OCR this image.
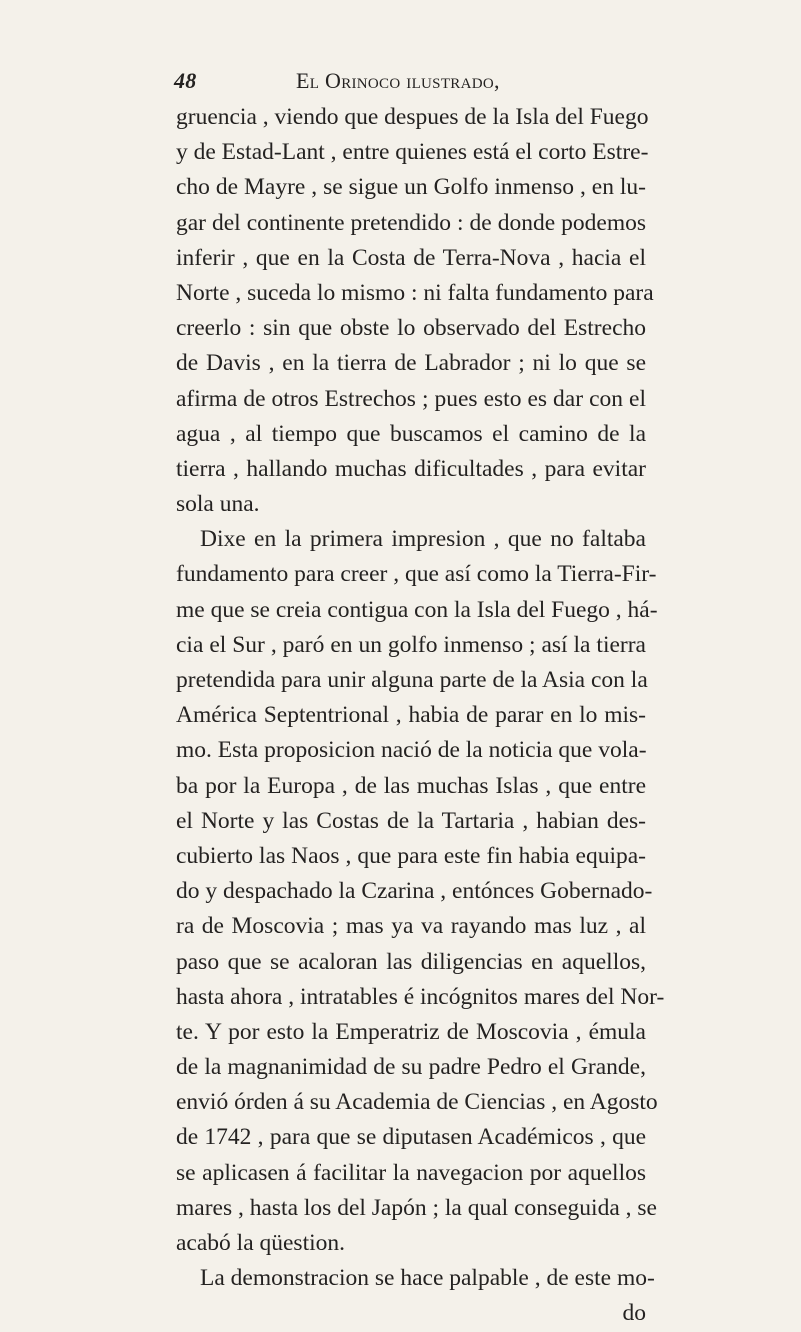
48	El Orinoco ilustrado,
gruencia , viendo que despues de la Isla del Fuego
y de Estad-Lant , entre quienes está el corto Estre-
cho de Mayre , se sigue un Golfo inmenso , en lu-
gar del continente pretendido : de donde podemos
inferir , que en la Costa de Terra-Nova , hacia el
Norte , suceda lo mismo : ni falta fundamento para
creerlo : sin que obste lo observado del Estrecho
de Davis , en la tierra de Labrador ; ni lo que se
afirma de otros Estrechos ; pues esto es dar con el
agua , al tiempo que buscamos el camino de la
tierra , hallando muchas dificultades , para evitar
sola una.
Dixe en la primera impresion , que no faltaba
fundamento para creer , que así como la Tierra-Fir-
me que se creia contigua con la Isla del Fuego , há-
cia el Sur , paró en un golfo inmenso ; así la tierra
pretendida para unir alguna parte de la Asia con la
América Septentrional , habia de parar en lo mis-
mo. Esta proposicion nació de la noticia que vola-
ba por la Europa , de las muchas Islas , que entre
el Norte y las Costas de la Tartaria , habian des-
cubierto las Naos , que para este fin habia equipa-
do y despachado la Czarina , entónces Gobernado-
ra de Moscovia ; mas ya va rayando mas luz , al
paso que se acaloran las diligencias en aquellos,
hasta ahora , intratables é incógnitos mares del Nor-
te. Y por esto la Emperatriz de Moscovia , émula
de la magnanimidad de su padre Pedro el Grande,
envió órden á su Academia de Ciencias , en Agosto
de 1742 , para que se diputasen Académicos , que
se aplicasen á facilitar la navegacion por aquellos
mares , hasta los del Japón ; la qual conseguida , se
acabó la qüestion.
La demonstracion se hace palpable , de este mo-
do
